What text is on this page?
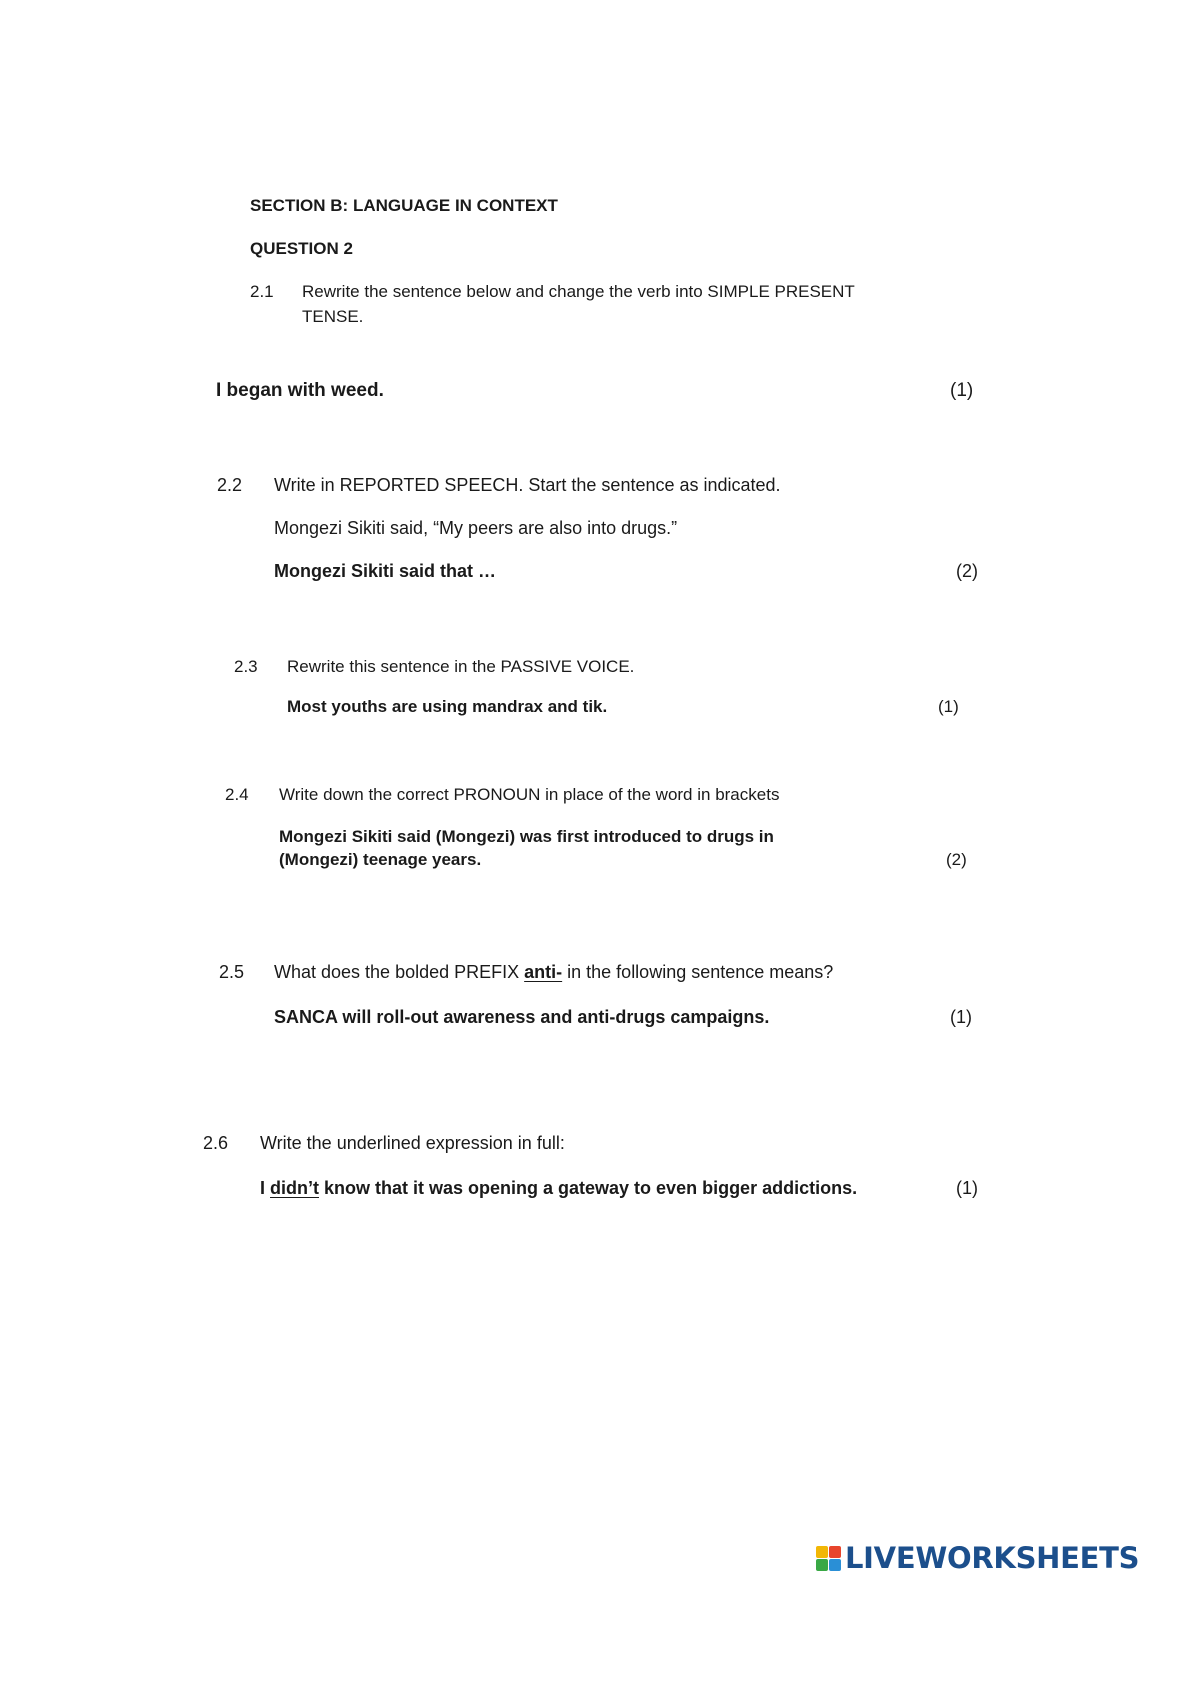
SECTION B: LANGUAGE IN CONTEXT

QUESTION 2

2.1 Rewrite the sentence below and change the verb into SIMPLE PRESENT

TENSE.

I began with weed.	(1)

2.2 Write in REPORTED SPEECH. Start the sentence as indicated.

Mongezi Sikiti said, “My peers are also into drugs.”

Mongezi Sikiti said that …	(2)

2.3 Rewrite this sentence in the PASSIVE VOICE.

Most youths are using mandrax and tik.	(1)

2.4 Write down the correct PRONOUN in place of the word in brackets

Mongezi Sikiti said (Mongezi) was first introduced to drugs in

(Mongezi) teenage years.	(2)

2.5 What does the bolded PREFIX anti- in the following sentence means?

SANCA will roll-out awareness and anti-drugs campaigns.	(1)

2.6 Write the underlined expression in full:

I didn’t know that it was opening a gateway to even bigger addictions.	(1)

LIVEWORKSHEETS
